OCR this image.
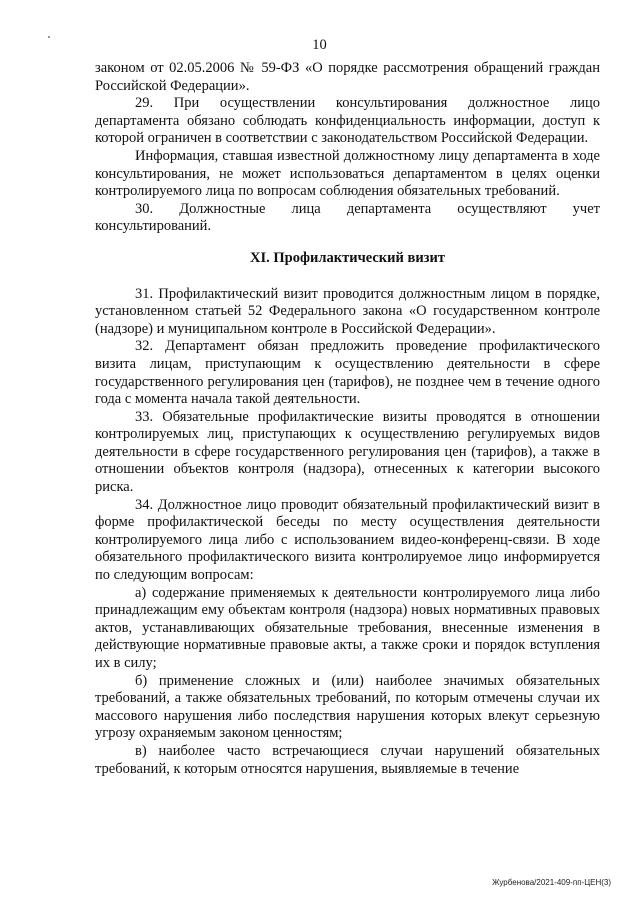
10

законом от 02.05.2006 № 59-ФЗ «О порядке рассмотрения обращений граждан Российской Федерации».

29. При осуществлении консультирования должностное лицо департамента обязано соблюдать конфиденциальность информации, доступ к которой ограничен в соответствии с законодательством Российской Федерации.

Информация, ставшая известной должностному лицу департамента в ходе консультирования, не может использоваться департаментом в целях оценки контролируемого лица по вопросам соблюдения обязательных требований.

30. Должностные лица департамента осуществляют учет консультирований.

XI. Профилактический визит

31. Профилактический визит проводится должностным лицом в порядке, установленном статьей 52 Федерального закона «О государственном контроле (надзоре) и муниципальном контроле в Российской Федерации».

32. Департамент обязан предложить проведение профилактического визита лицам, приступающим к осуществлению деятельности в сфере государственного регулирования цен (тарифов), не позднее чем в течение одного года с момента начала такой деятельности.

33. Обязательные профилактические визиты проводятся в отношении контролируемых лиц, приступающих к осуществлению регулируемых видов деятельности в сфере государственного регулирования цен (тарифов), а также в отношении объектов контроля (надзора), отнесенных к категории высокого риска.

34. Должностное лицо проводит обязательный профилактический визит в форме профилактической беседы по месту осуществления деятельности контролируемого лица либо с использованием видео-конференц-связи. В ходе обязательного профилактического визита контролируемое лицо информируется по следующим вопросам:

а) содержание применяемых к деятельности контролируемого лица либо принадлежащим ему объектам контроля (надзора) новых нормативных правовых актов, устанавливающих обязательные требования, внесенные изменения в действующие нормативные правовые акты, а также сроки и порядок вступления их в силу;

б) применение сложных и (или) наиболее значимых обязательных требований, а также обязательных требований, по которым отмечены случаи их массового нарушения либо последствия нарушения которых влекут серьезную угрозу охраняемым законом ценностям;

в) наиболее часто встречающиеся случаи нарушений обязательных требований, к которым относятся нарушения, выявляемые в течение

Журбенова/2021-409-пп-ЦЕН(3)
